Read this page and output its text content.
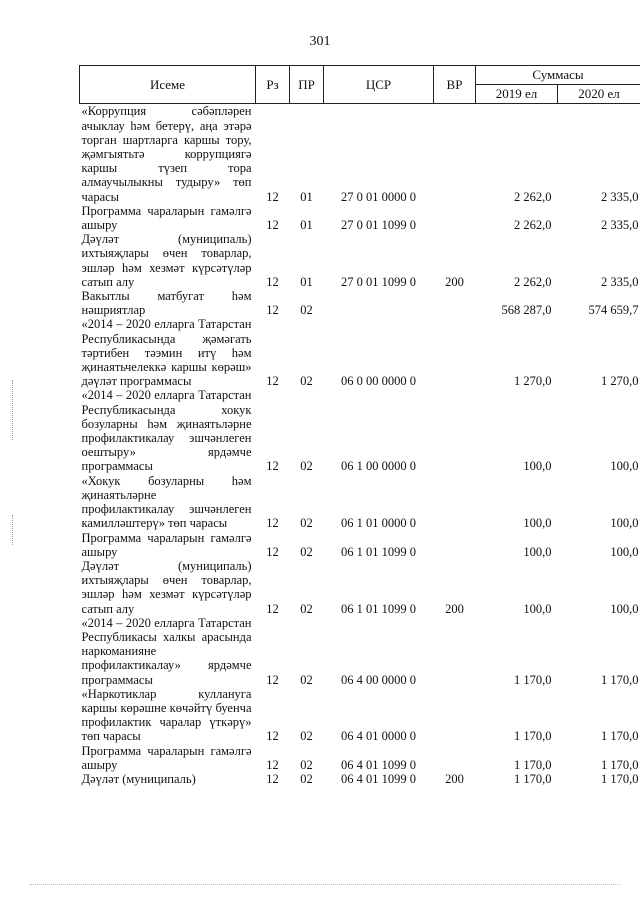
301
Исеме	Рз	ПР	ЦСР	ВР	Суммасы	
					2019 ел	2020 ел
«Коррупция сәбәпләрен ачыклау һәм бетерү, аңа этәрә торган шартларга каршы тору, җәмгыятьтә коррупциягә каршы түзеп тора алмаучылыкны тудыру» төп чарасы	12	01	27 0 01 0000 0		2 262,0	2 335,0
Программа чараларын гамәлгә ашыру	12	01	27 0 01 1099 0		2 262,0	2 335,0
Дәүләт (муниципаль) ихтыяҗлары өчен товарлар, эшләр һәм хезмәт күрсәтүләр сатып алу	12	01	27 0 01 1099 0	200	2 262,0	2 335,0
Вакытлы матбугат һәм нәшриятлар	12	02			568 287,0	574 659,7
«2014 – 2020 елларга Татарстан Республикасында җәмәгать тәртибен тәэмин итү һәм җинаятьчелеккә каршы көрәш» дәүләт программасы	12	02	06 0 00 0000 0		1 270,0	1 270,0
«2014 – 2020 елларга Татарстан Республикасында хокук бозуларны һәм җинаятьләрне профилактикалау эшчәнлеген оештыру» ярдәмче программасы	12	02	06 1 00 0000 0		100,0	100,0
«Хокук бозуларны һәм җинаятьләрне профилактикалау эшчәнлеген камилләштерү» төп чарасы	12	02	06 1 01 0000 0		100,0	100,0
Программа чараларын гамәлгә ашыру	12	02	06 1 01 1099 0		100,0	100,0
Дәүләт (муниципаль) ихтыяҗлары өчен товарлар, эшләр һәм хезмәт күрсәтүләр сатып алу	12	02	06 1 01 1099 0	200	100,0	100,0
«2014 – 2020 елларга Татарстан Республикасы халкы арасында наркоманияне профилактикалау» ярдәмче программасы	12	02	06 4 00 0000 0		1 170,0	1 170,0
«Наркотиклар куллануга каршы көрәшне көчәйтү буенча профилактик чаралар үткәрү» төп чарасы	12	02	06 4 01 0000 0		1 170,0	1 170,0
Программа чараларын гамәлгә ашыру	12	02	06 4 01 1099 0		1 170,0	1 170,0
Дәүләт (муниципаль)	12	02	06 4 01 1099 0	200	1 170,0	1 170,0
